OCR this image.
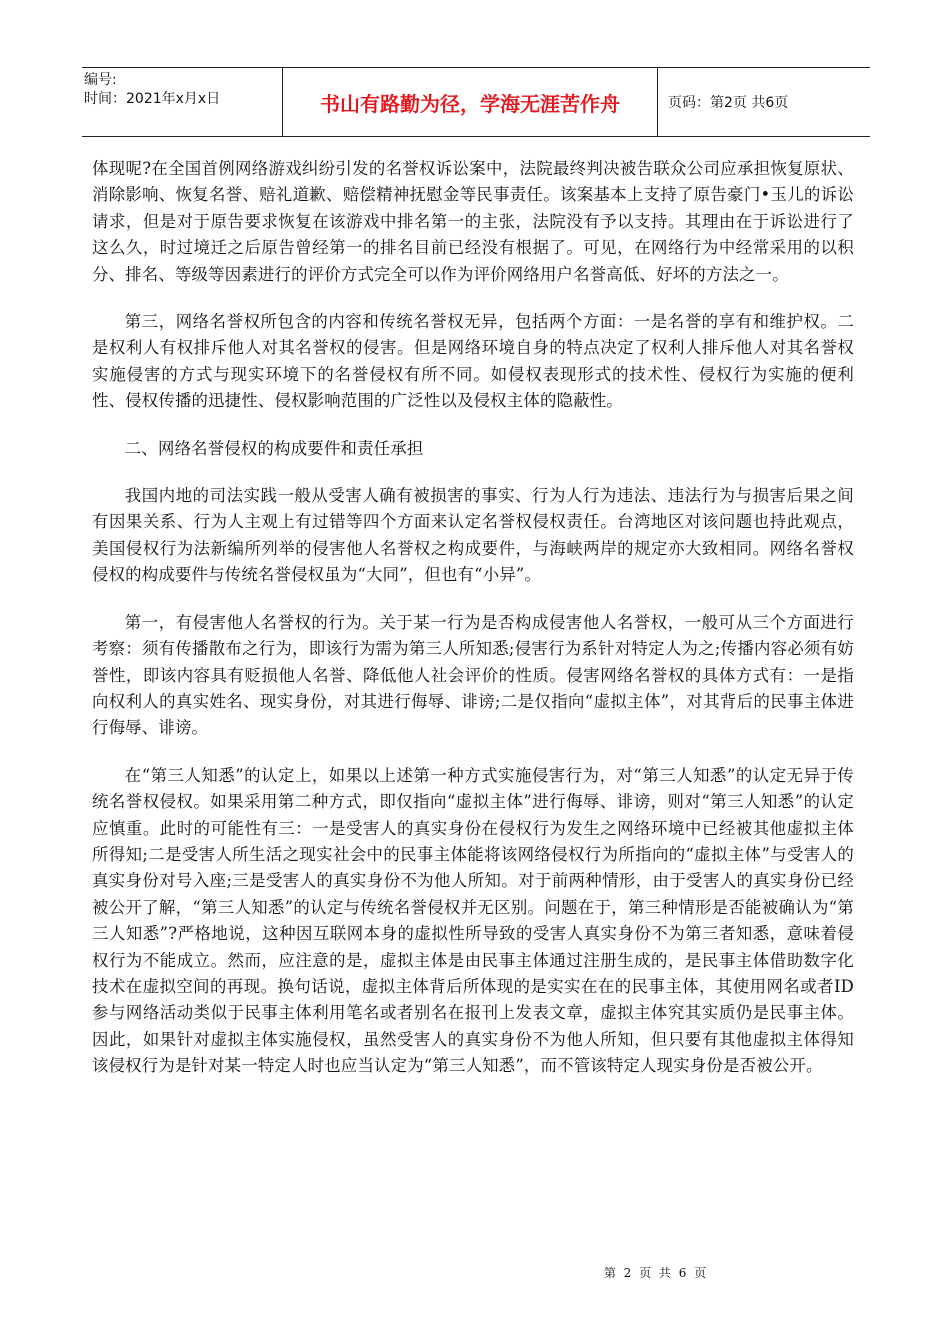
编号:
时间：2021年x月x日	书山有路勤为径，学海无涯苦作舟	页码：第2页 共6页

体现呢?在全国首例网络游戏纠纷引发的名誉权诉讼案中，法院最终判决被告联众公司应承担恢复原状、消除影响、恢复名誉、赔礼道歉、赔偿精神抚慰金等民事责任。该案基本上支持了原告豪门•玉儿的诉讼请求，但是对于原告要求恢复在该游戏中排名第一的主张，法院没有予以支持。其理由在于诉讼进行了这么久，时过境迁之后原告曾经第一的排名目前已经没有根据了。可见，在网络行为中经常采用的以积分、排名、等级等因素进行的评价方式完全可以作为评价网络用户名誉高低、好坏的方法之一。

第三，网络名誉权所包含的内容和传统名誉权无异，包括两个方面：一是名誉的享有和维护权。二是权利人有权排斥他人对其名誉权的侵害。但是网络环境自身的特点决定了权利人排斥他人对其名誉权实施侵害的方式与现实环境下的名誉侵权有所不同。如侵权表现形式的技术性、侵权行为实施的便利性、侵权传播的迅捷性、侵权影响范围的广泛性以及侵权主体的隐蔽性。

二、网络名誉侵权的构成要件和责任承担

我国内地的司法实践一般从受害人确有被损害的事实、行为人行为违法、违法行为与损害后果之间有因果关系、行为人主观上有过错等四个方面来认定名誉权侵权责任。台湾地区对该问题也持此观点，美国侵权行为法新编所列举的侵害他人名誉权之构成要件，与海峡两岸的规定亦大致相同。网络名誉权侵权的构成要件与传统名誉侵权虽为“大同”，但也有“小异”。

第一，有侵害他人名誉权的行为。关于某一行为是否构成侵害他人名誉权，一般可从三个方面进行考察：须有传播散布之行为，即该行为需为第三人所知悉;侵害行为系针对特定人为之;传播内容必须有妨誉性，即该内容具有贬损他人名誉、降低他人社会评价的性质。侵害网络名誉权的具体方式有：一是指向权利人的真实姓名、现实身份，对其进行侮辱、诽谤;二是仅指向“虚拟主体”，对其背后的民事主体进行侮辱、诽谤。

在“第三人知悉”的认定上，如果以上述第一种方式实施侵害行为，对“第三人知悉”的认定无异于传统名誉权侵权。如果采用第二种方式，即仅指向“虚拟主体”进行侮辱、诽谤，则对“第三人知悉”的认定应慎重。此时的可能性有三：一是受害人的真实身份在侵权行为发生之网络环境中已经被其他虚拟主体所得知;二是受害人所生活之现实社会中的民事主体能将该网络侵权行为所指向的“虚拟主体”与受害人的真实身份对号入座;三是受害人的真实身份不为他人所知。对于前两种情形，由于受害人的真实身份已经被公开了解，“第三人知悉”的认定与传统名誉侵权并无区别。问题在于，第三种情形是否能被确认为“第三人知悉”?严格地说，这种因互联网本身的虚拟性所导致的受害人真实身份不为第三者知悉，意味着侵权行为不能成立。然而，应注意的是，虚拟主体是由民事主体通过注册生成的，是民事主体借助数字化技术在虚拟空间的再现。换句话说，虚拟主体背后所体现的是实实在在的民事主体，其使用网名或者ID参与网络活动类似于民事主体利用笔名或者别名在报刊上发表文章，虚拟主体究其实质仍是民事主体。因此，如果针对虚拟主体实施侵权，虽然受害人的真实身份不为他人所知，但只要有其他虚拟主体得知该侵权行为是针对某一特定人时也应当认定为“第三人知悉”，而不管该特定人现实身份是否被公开。

第 2 页 共 6 页
